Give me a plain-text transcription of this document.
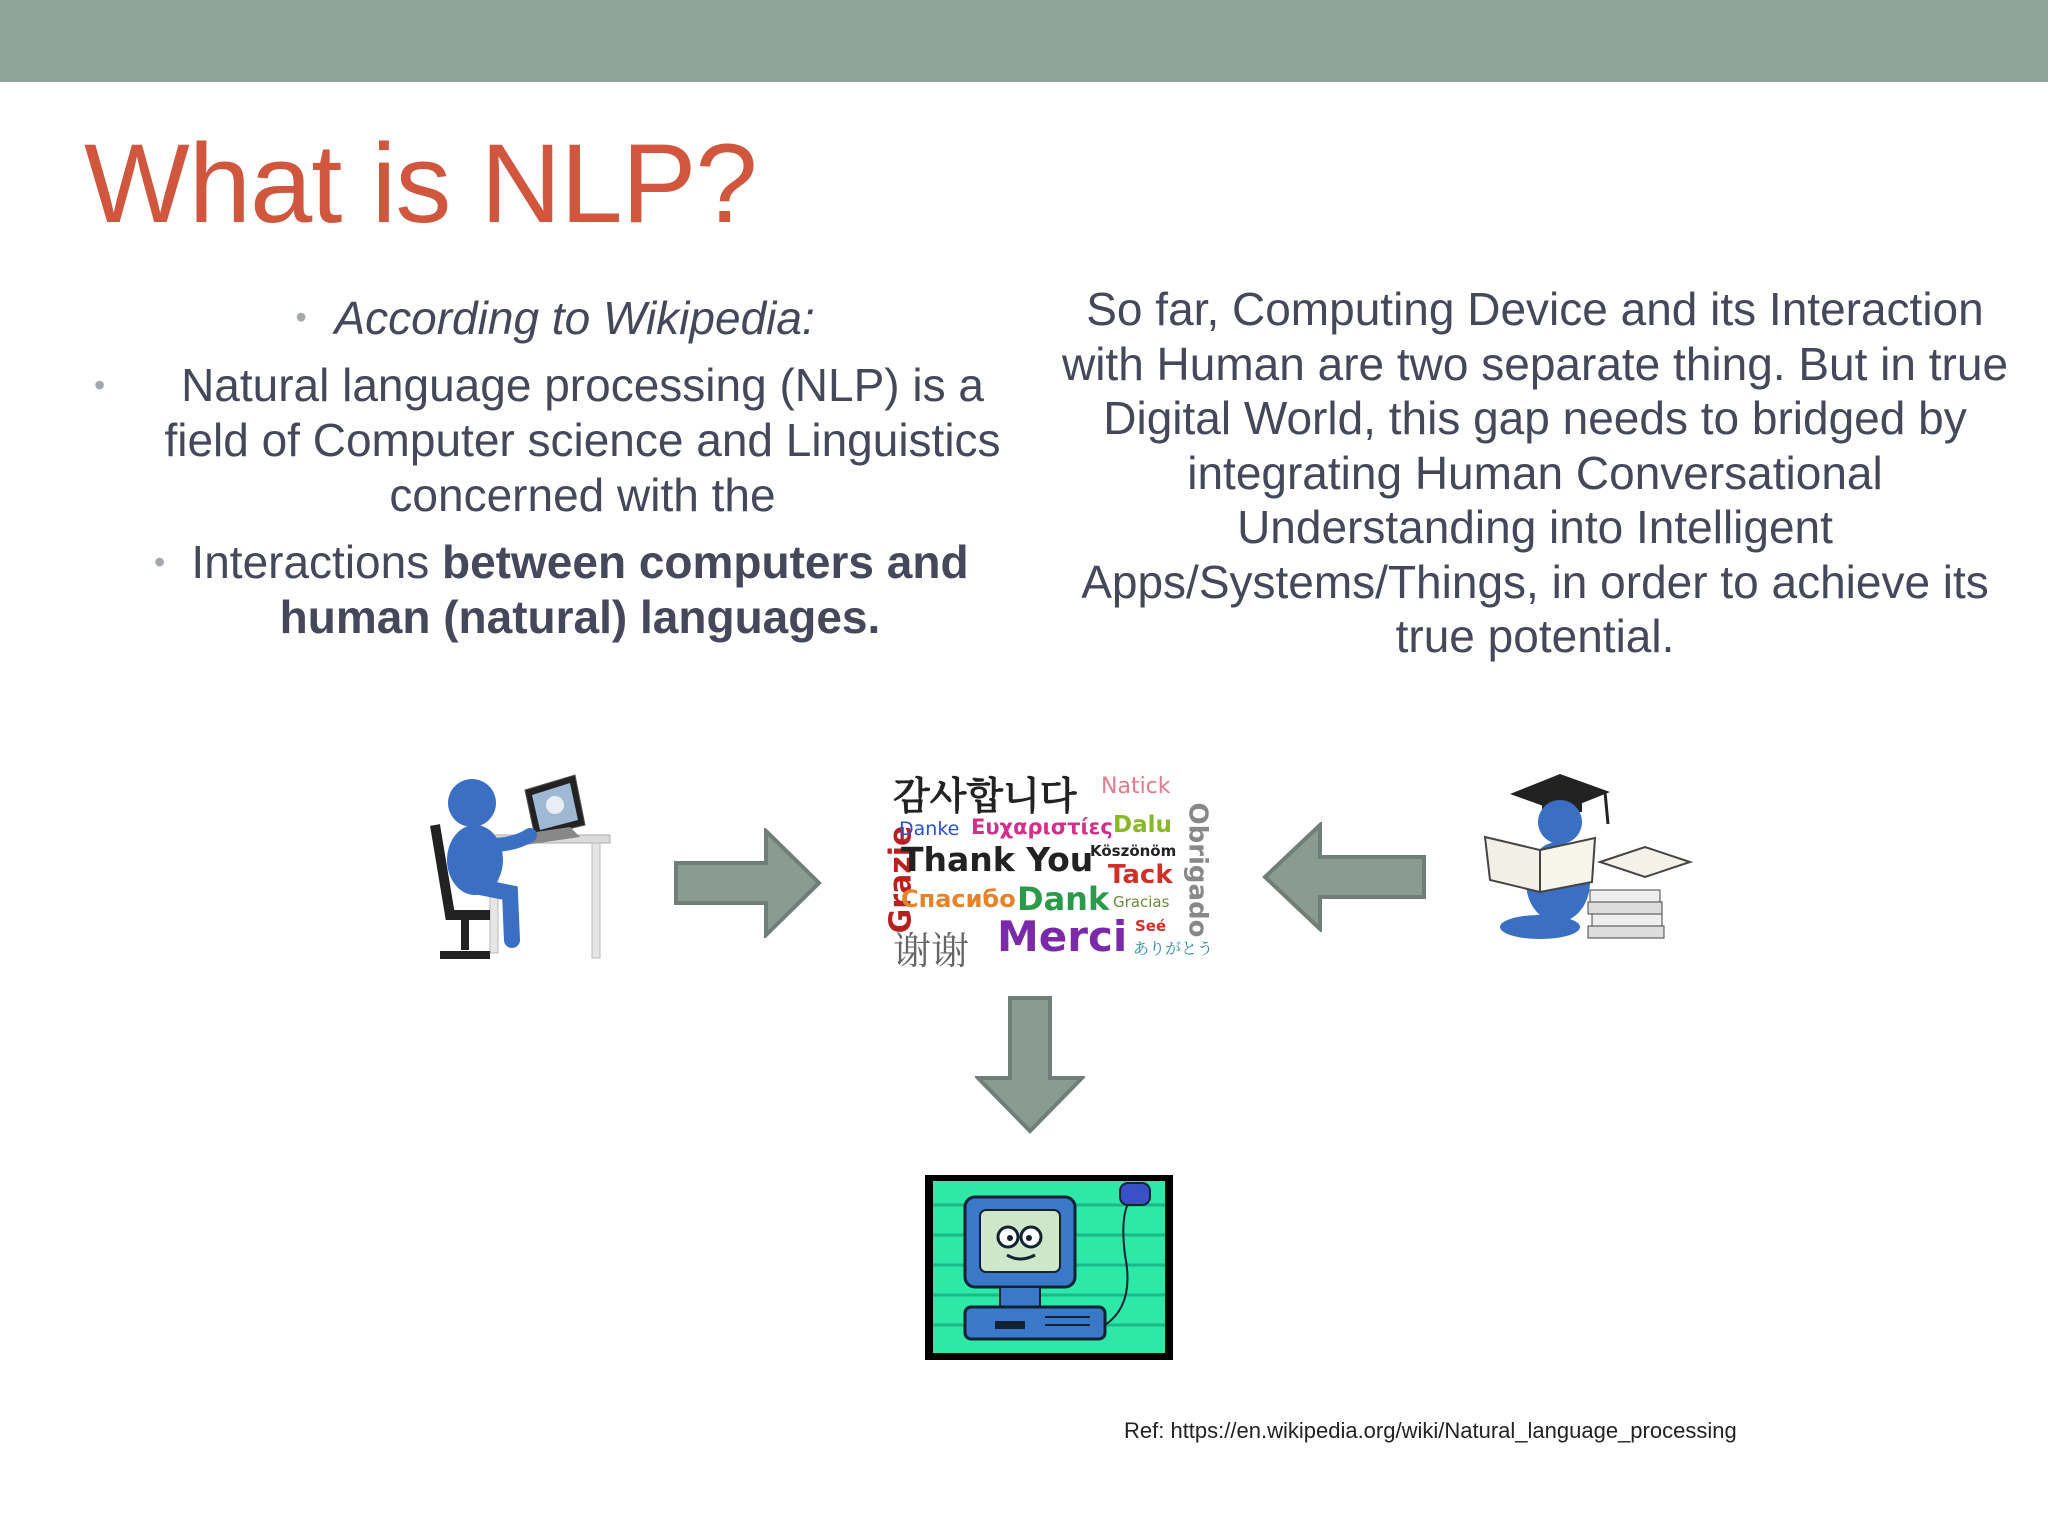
What is NLP?
• According to Wikipedia:
• Natural language processing (NLP) is a field of Computer science and Linguistics concerned with the
• Interactions between computers and human (natural) languages.
So far, Computing Device and its Interaction with Human are two separate thing. But in true Digital World, this gap needs to bridged by integrating Human Conversational Understanding into Intelligent Apps/Systems/Things, in order to achieve its true potential.
감사합니다 Natick
Grazie
Danke Ευχαριστίες Dalu Obrigado
Thank You
Köszönöm
Tack
Спасибо Dank Gracias
谢谢 Merci Seé
ありがとう
Ref: https://en.wikipedia.org/wiki/Natural_language_processing
